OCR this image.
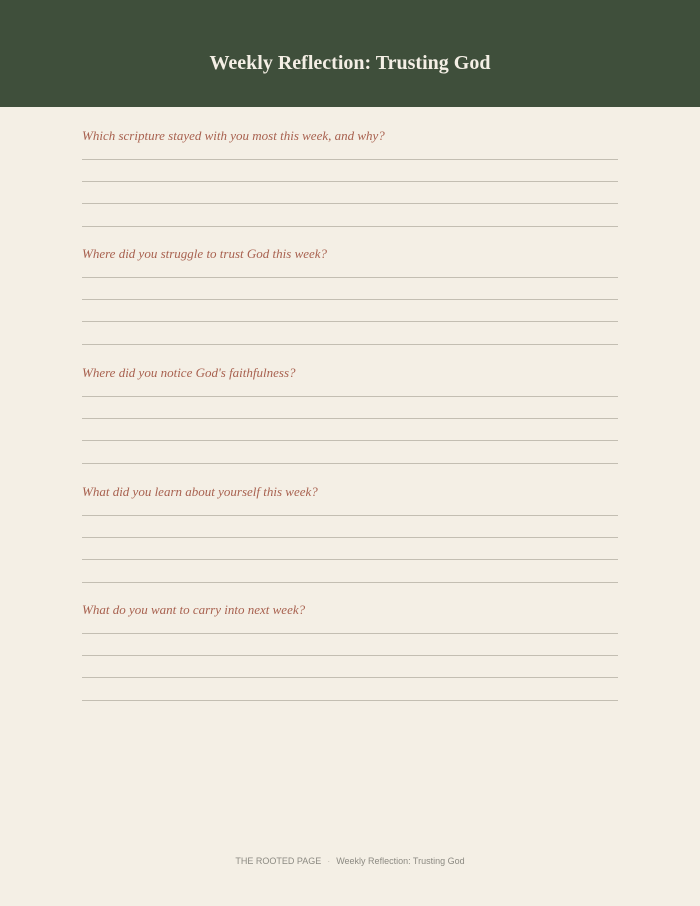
Weekly Reflection: Trusting God
Which scripture stayed with you most this week, and why?
Where did you struggle to trust God this week?
Where did you notice God's faithfulness?
What did you learn about yourself this week?
What do you want to carry into next week?
THE ROOTED PAGE · Weekly Reflection: Trusting God
